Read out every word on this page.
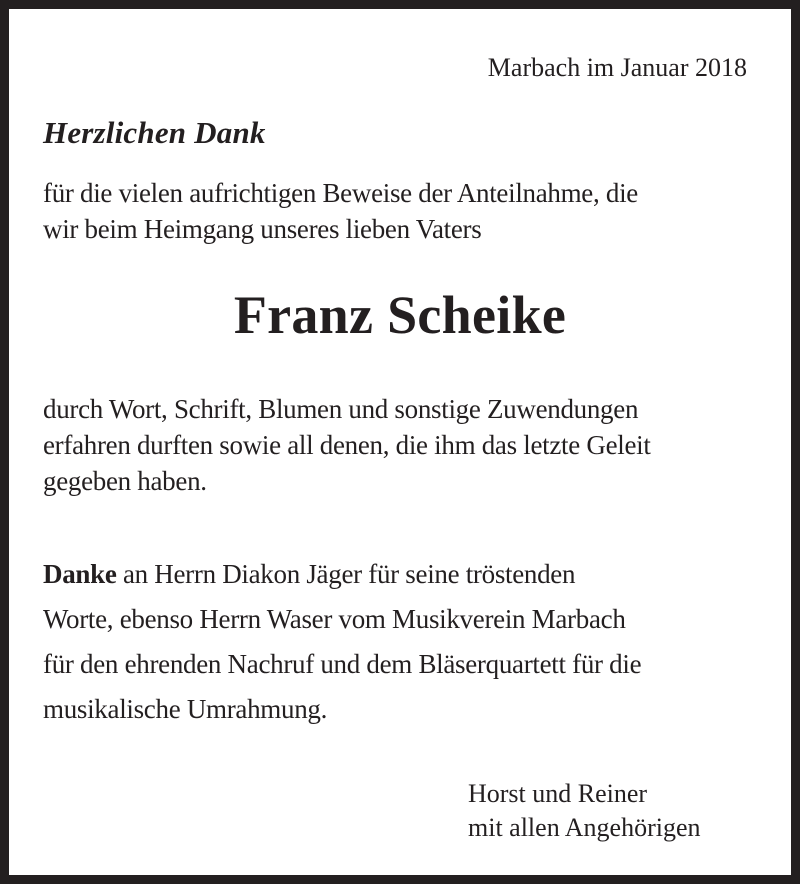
Marbach im Januar 2018
Herzlichen Dank
für die vielen aufrichtigen Beweise der Anteilnahme, die
wir beim Heimgang unseres lieben Vaters
Franz Scheike
durch Wort, Schrift, Blumen und sonstige Zuwendungen
erfahren durften sowie all denen, die ihm das letzte Geleit
gegeben haben.
Danke an Herrn Diakon Jäger für seine tröstenden
Worte, ebenso Herrn Waser vom Musikverein Marbach
für den ehrenden Nachruf und dem Bläserquartett für die
musikalische Umrahmung.
Horst und Reiner
mit allen Angehörigen
